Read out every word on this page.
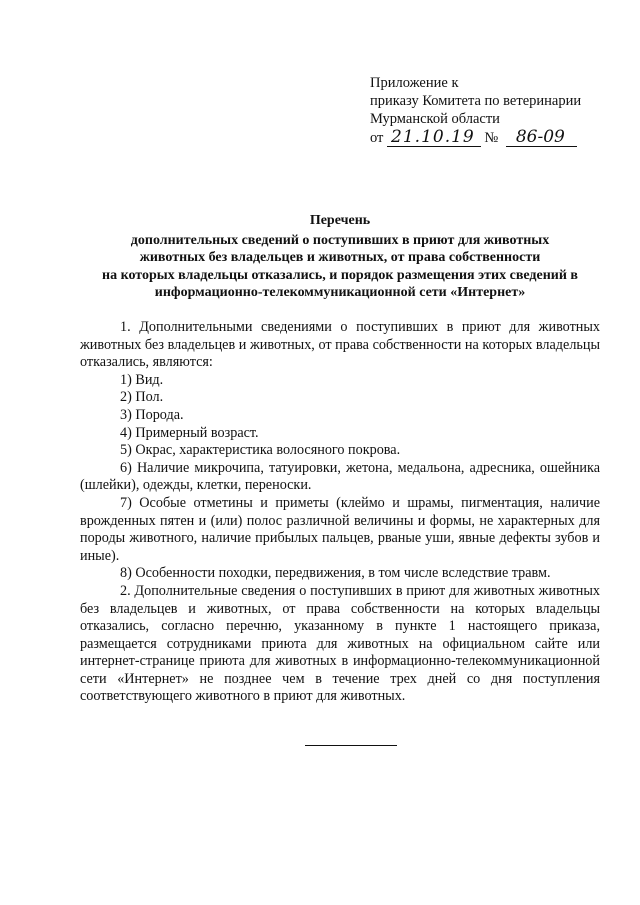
Приложение к
приказу Комитета по ветеринарии
Мурманской области
от 21.10.19 № 86-09
Перечень
дополнительных сведений о поступивших в приют для животных
животных без владельцев и животных, от права собственности
на которых владельцы отказались, и порядок размещения этих сведений в
информационно-телекоммуникационной сети «Интернет»

1. Дополнительными сведениями о поступивших в приют для животных животных без владельцев и животных, от права собственности на которых владельцы отказались, являются:

1) Вид.

2) Пол.

3) Порода.

4) Примерный возраст.

5) Окрас, характеристика волосяного покрова.

6) Наличие микрочипа, татуировки, жетона, медальона, адресника, ошейника (шлейки), одежды, клетки, переноски.

7) Особые отметины и приметы (клеймо и шрамы, пигментация, наличие врожденных пятен и (или) полос различной величины и формы, не характерных для породы животного, наличие прибылых пальцев, рваные уши, явные дефекты зубов и иные).

8) Особенности походки, передвижения, в том числе вследствие травм.

2. Дополнительные сведения о поступивших в приют для животных животных без владельцев и животных, от права собственности на которых владельцы отказались, согласно перечню, указанному в пункте 1 настоящего приказа, размещается сотрудниками приюта для животных на официальном сайте или интернет-странице приюта для животных в информационно-телекоммуникационной сети «Интернет» не позднее чем в течение трех дней со дня поступления соответствующего животного в приют для животных.
